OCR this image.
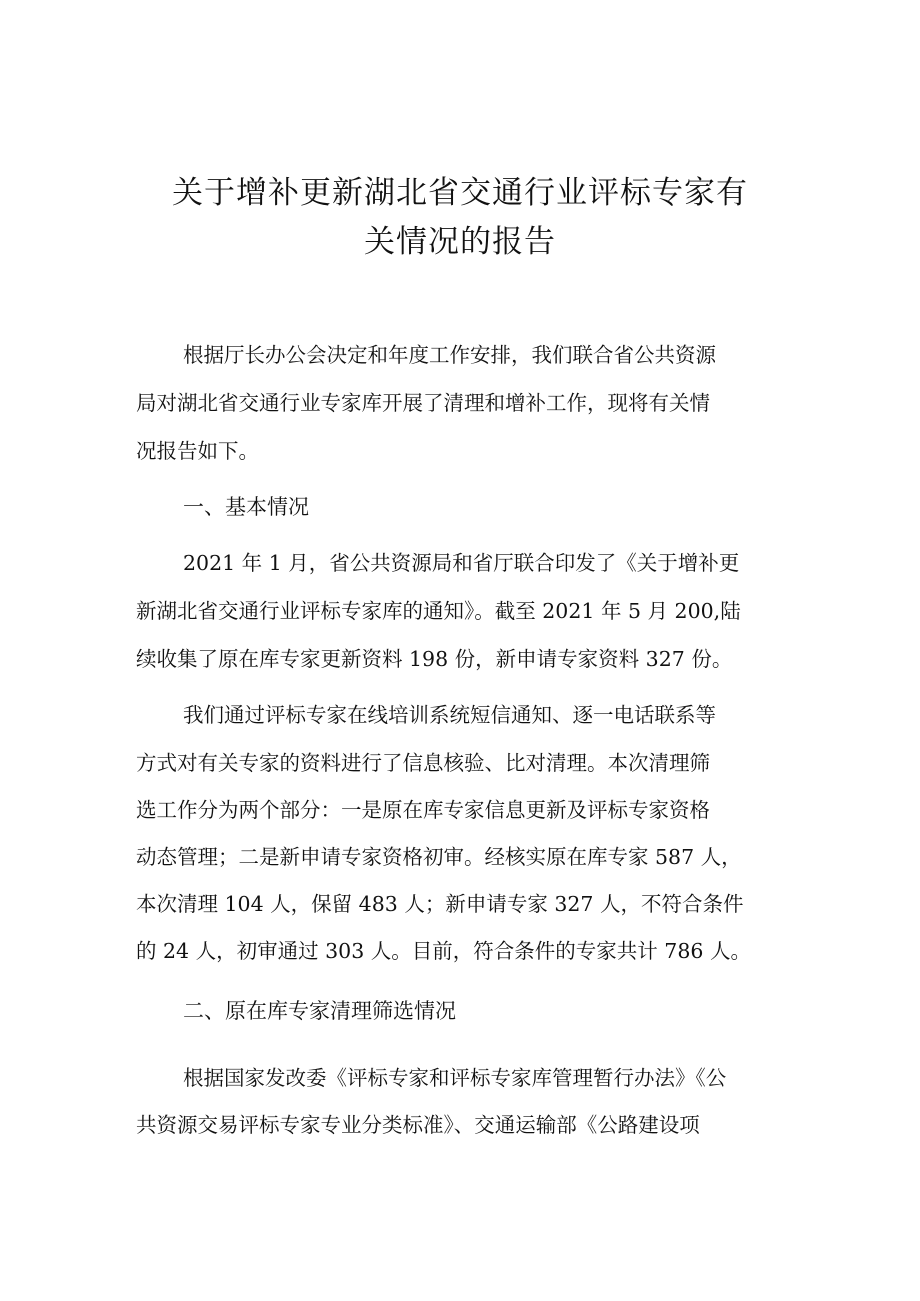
关于增补更新湖北省交通行业评标专家有
关情况的报告
根据厅长办公会决定和年度工作安排，我们联合省公共资源
局对湖北省交通行业专家库开展了清理和增补工作，现将有关情
况报告如下。
一、基本情况
2021 年 1 月，省公共资源局和省厅联合印发了《关于增补更
新湖北省交通行业评标专家库的通知》。截至 2021 年 5 月 200,陆
续收集了原在库专家更新资料 198 份，新申请专家资料 327 份。
我们通过评标专家在线培训系统短信通知、逐一电话联系等
方式对有关专家的资料进行了信息核验、比对清理。本次清理筛
选工作分为两个部分：一是原在库专家信息更新及评标专家资格
动态管理；二是新申请专家资格初审。经核实原在库专家 587 人，
本次清理 104 人，保留 483 人；新申请专家 327 人，不符合条件
的 24 人，初审通过 303 人。目前，符合条件的专家共计 786 人。
二、原在库专家清理筛选情况
根据国家发改委《评标专家和评标专家库管理暂行办法》《公
共资源交易评标专家专业分类标准》、交通运输部《公路建设项
